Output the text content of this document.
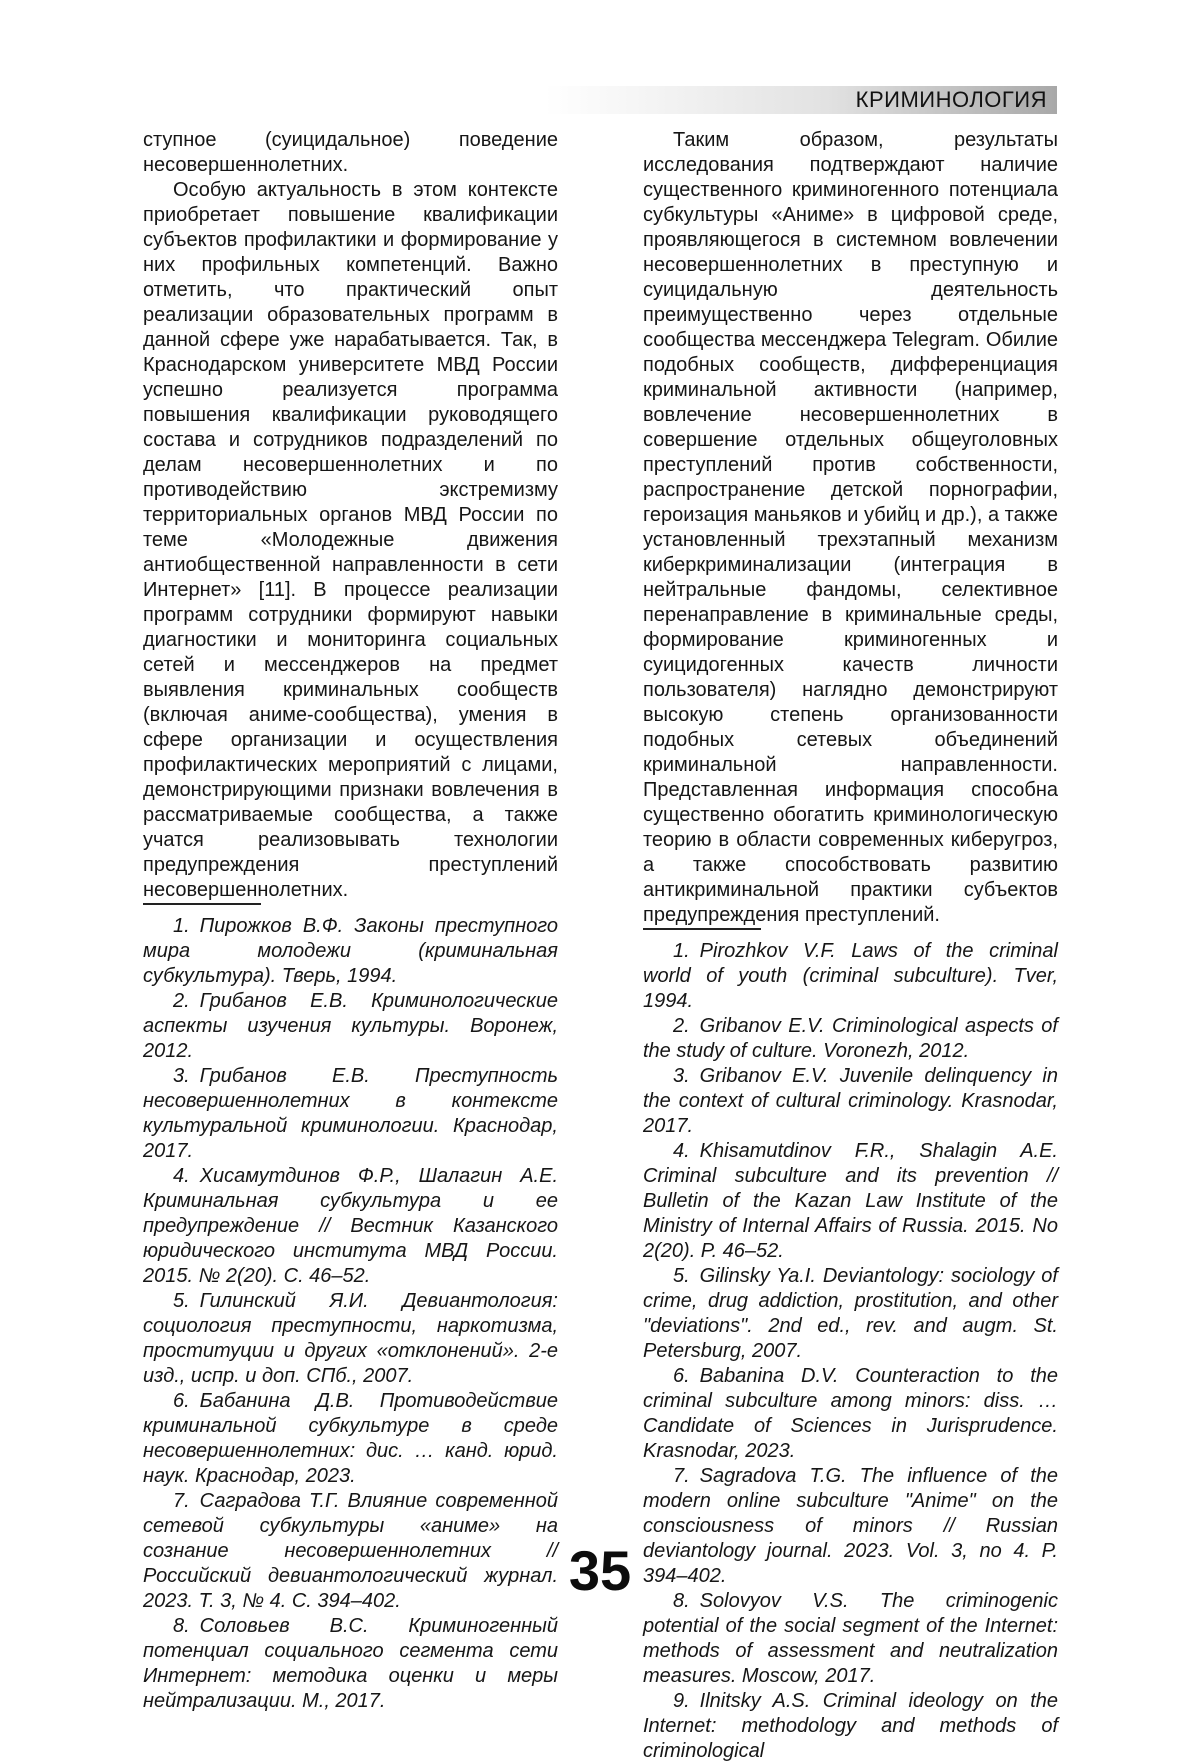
КРИМИНОЛОГИЯ

ступное (суицидальное) поведение несовершеннолетних.

Особую актуальность в этом контексте приобретает повышение квалификации субъектов профилактики и формирование у них профильных компетенций. Важно отметить, что практический опыт реализации образовательных программ в данной сфере уже нарабатывается. Так, в Краснодарском университете МВД России успешно реализуется программа повышения квалификации руководящего состава и сотрудников подразделений по делам несовершеннолетних и по противодействию экстремизму территориальных органов МВД России по теме «Молодежные движения антиобщественной направленности в сети Интернет» [11]. В процессе реализации программ сотрудники формируют навыки диагностики и мониторинга социальных сетей и мессенджеров на предмет выявления криминальных сообществ (включая аниме-сообщества), умения в сфере организации и осуществления профилактических мероприятий с лицами, демонстрирующими признаки вовлечения в рассматриваемые сообщества, а также учатся реализовывать технологии предупреждения преступлений несовершеннолетних.

1. Пирожков В.Ф. Законы преступного мира молодежи (криминальная субкультура). Тверь, 1994.

2. Грибанов Е.В. Криминологические аспекты изучения культуры. Воронеж, 2012.

3. Грибанов Е.В. Преступность несовершеннолетних в контексте культуральной криминологии. Краснодар, 2017.

4. Хисамутдинов Ф.Р., Шалагин А.Е. Криминальная субкультура и ее предупреждение // Вестник Казанского юридического института МВД России. 2015. № 2(20). С. 46–52.

5. Гилинский Я.И. Девиантология: социология преступности, наркотизма, проституции и других «отклонений». 2-е изд., испр. и доп. СПб., 2007.

6. Бабанина Д.В. Противодействие криминальной субкультуре в среде несовершеннолетних: дис. … канд. юрид. наук. Краснодар, 2023.

7. Саградова Т.Г. Влияние современной сетевой субкультуры «аниме» на сознание несовершеннолетних // Российский девиантологический журнал. 2023. Т. 3, № 4. С. 394–402.

8. Соловьев В.С. Криминогенный потенциал социального сегмента сети Интернет: методика оценки и меры нейтрализации. М., 2017.

Таким образом, результаты исследования подтверждают наличие существенного криминогенного потенциала субкультуры «Аниме» в цифровой среде, проявляющегося в системном вовлечении несовершеннолетних в преступную и суицидальную деятельность преимущественно через отдельные сообщества мессенджера Telegram. Обилие подобных сообществ, дифференциация криминальной активности (например, вовлечение несовершеннолетних в совершение отдельных общеуголовных преступлений против собственности, распространение детской порнографии, героизация маньяков и убийц и др.), а также установленный трехэтапный механизм киберкриминализации (интеграция в нейтральные фандомы, селективное перенаправление в криминальные среды, формирование криминогенных и суицидогенных качеств личности пользователя) наглядно демонстрируют высокую степень организованности подобных сетевых объединений криминальной направленности. Представленная информация способна существенно обогатить криминологическую теорию в области современных киберугроз, а также способствовать развитию антикриминальной практики субъектов предупреждения преступлений.

1. Pirozhkov V.F. Laws of the criminal world of youth (criminal subculture). Tver, 1994.

2. Gribanov E.V. Criminological aspects of the study of culture. Voronezh, 2012.

3. Gribanov E.V. Juvenile delinquency in the context of cultural criminology. Krasnodar, 2017.

4. Khisamutdinov F.R., Shalagin A.E. Criminal subculture and its prevention // Bulletin of the Kazan Law Institute of the Ministry of Internal Affairs of Russia. 2015. No 2(20). P. 46–52.

5. Gilinsky Ya.I. Deviantology: sociology of crime, drug addiction, prostitution, and other "deviations". 2nd ed., rev. and augm. St. Petersburg, 2007.

6. Babanina D.V. Counteraction to the criminal subculture among minors: diss. … Candidate of Sciences in Jurisprudence. Krasnodar, 2023.

7. Sagradova T.G. The influence of the modern online subculture "Anime" on the consciousness of minors // Russian deviantology journal. 2023. Vol. 3, no 4. P. 394–402.

8. Solovyov V.S. The criminogenic potential of the social segment of the Internet: methods of assessment and neutralization measures. Moscow, 2017.

9. Ilnitsky A.S. Criminal ideology on the Internet: methodology and methods of criminological

35
